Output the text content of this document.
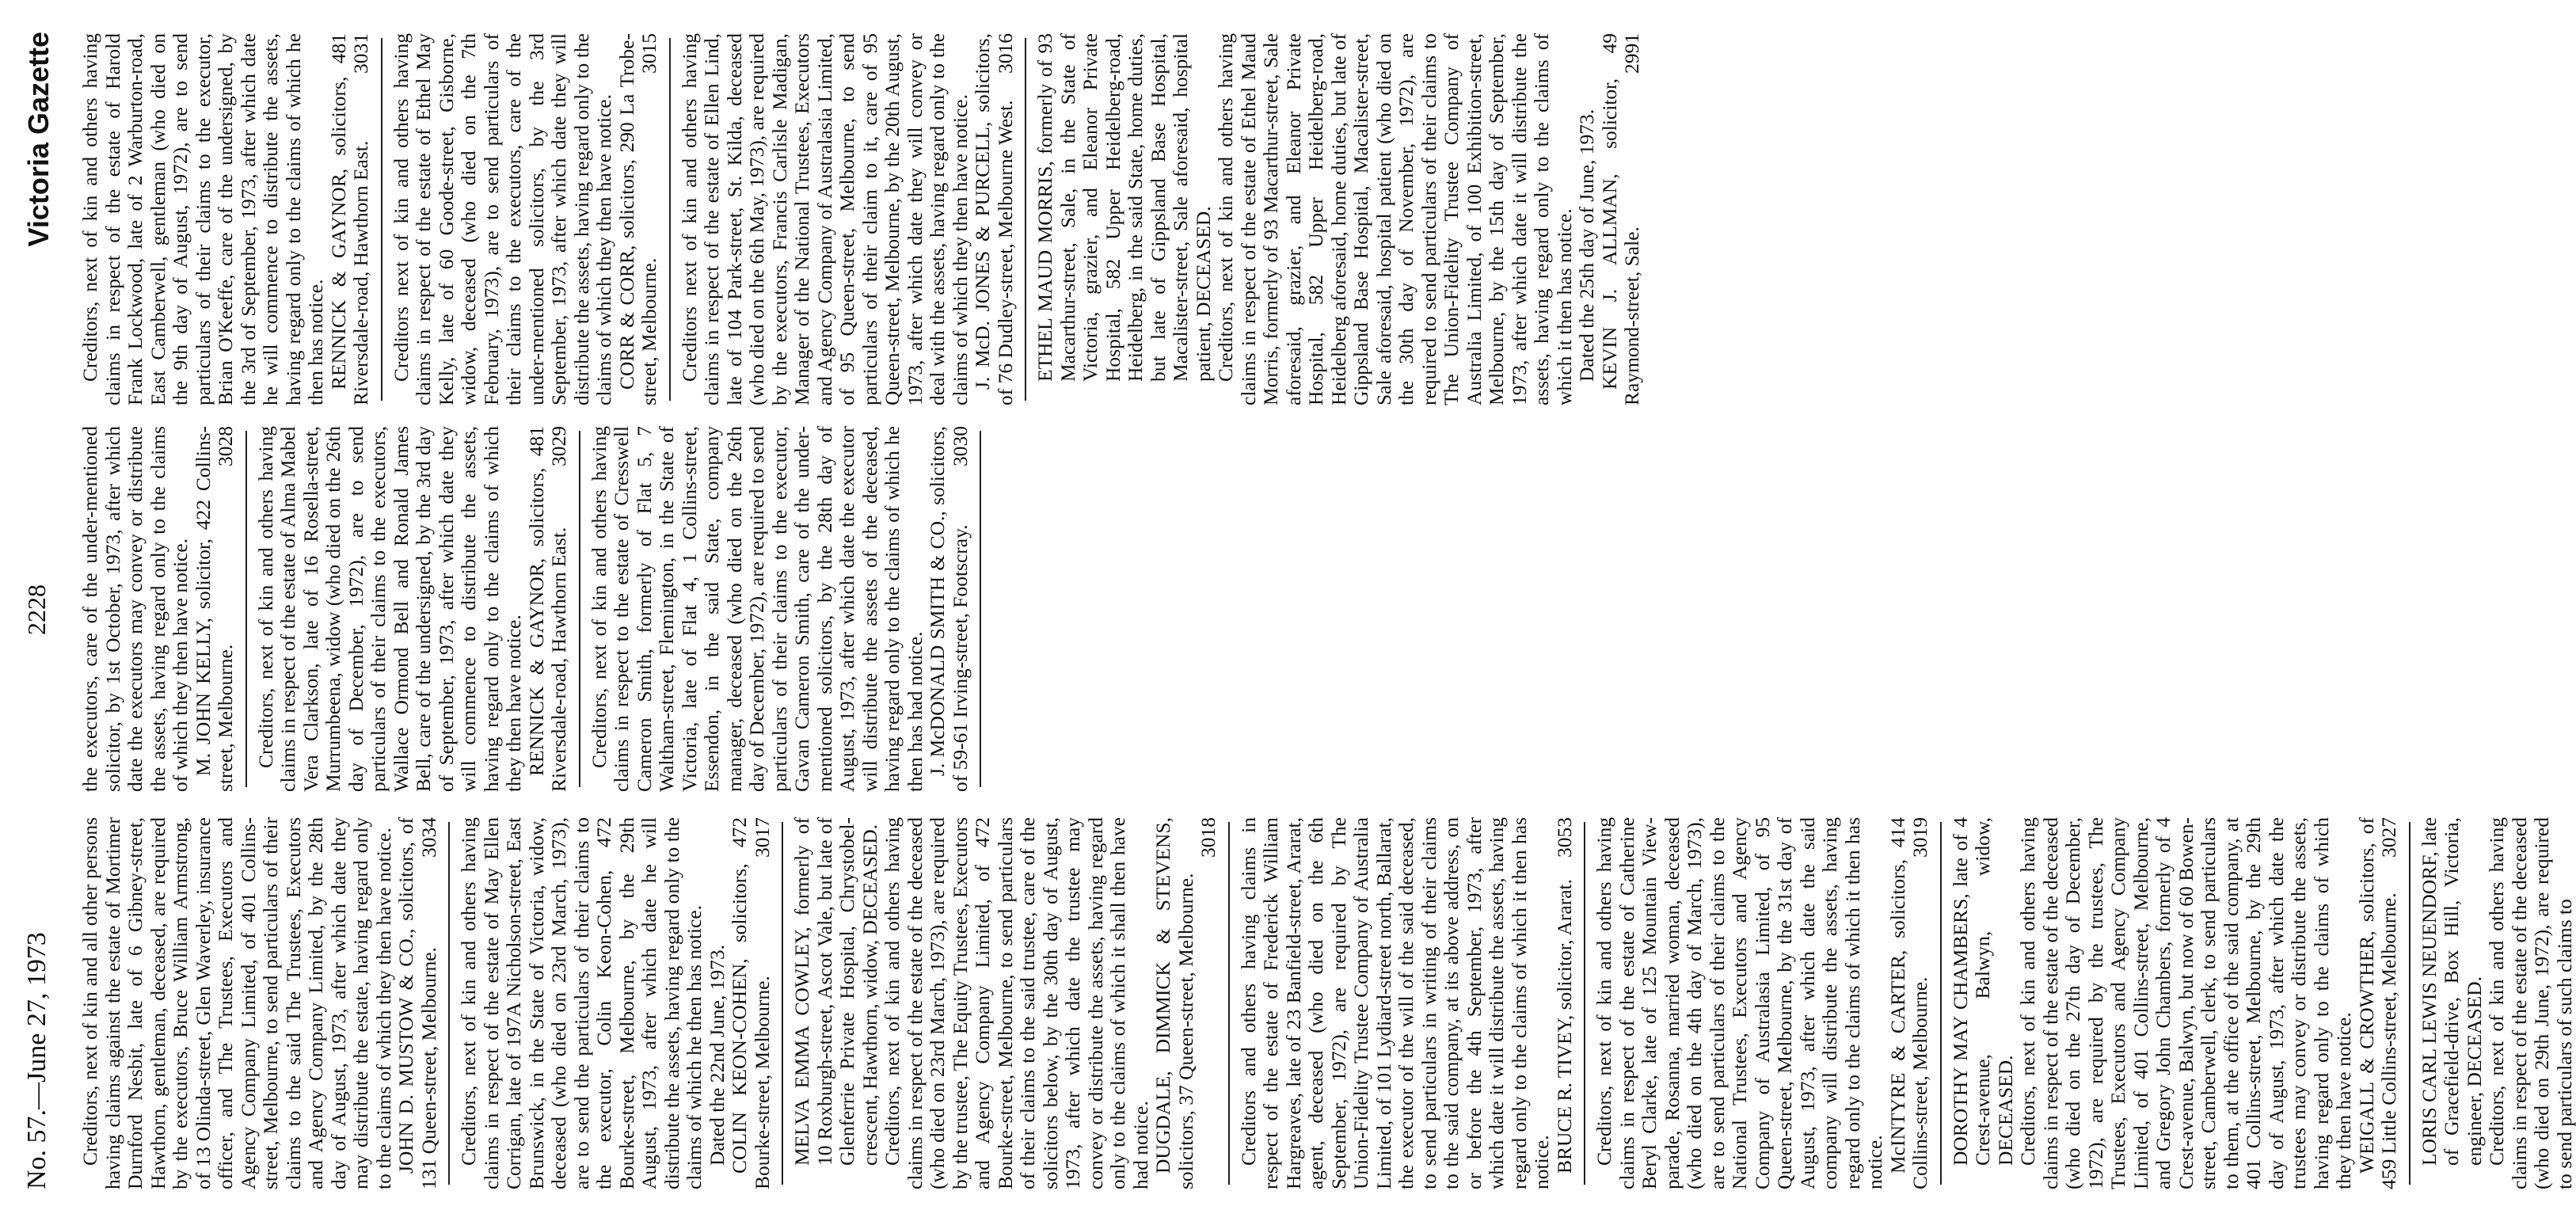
No. 57.—June 27, 1973
2228
Victoria Gazette

Creditors, next of kin and all other persons having claims against the estate of Mortimer Durnford Nesbit, late of 6 Gibney-street, Hawthorn, gentleman, deceased, are required by the executors, Bruce William Armstrong, of 13 Olinda-street, Glen Waverley, insurance officer, and The Trustees, Executors and Agency Company Limited, of 401 Collins-street, Melbourne, to send particulars of their claims to the said The Trustees, Executors and Agency Company Limited, by the 28th day of August, 1973, after which date they may distribute the estate, having regard only to the claims of which they then have notice. JOHN D. MUSTOW & CO., solicitors, of 131 Queen-street, Melbourne.
3034 Creditors, next of kin and others having claims in respect of the estate of May Ellen Corrigan, late of 197A Nicholson-street, East Brunswick, in the State of Victoria, widow, deceased (who died on 23rd March, 1973), are to send the particulars of their claims to the executor, Colin Keon-Cohen, 472 Bourke-street, Melbourne, by the 29th August, 1973, after which date he will distribute the assets, having regard only to the claims of which he then has notice. Dated the 22nd June, 1973. COLIN KEON-COHEN, solicitors, 472 Bourke-street, Melbourne.
3017 MELVA EMMA COWLEY, formerly of 10 Roxburgh-street, Ascot Vale, but late of Glenferrie Private Hospital, Chrystobel-crescent, Hawthorn, widow, DECEASED. Creditors, next of kin and others having claims in respect of the estate of the deceased (who died on 23rd March, 1973), are required by the trustee, The Equity Trustees, Executors and Agency Company Limited, of 472 Bourke-street, Melbourne, to send particulars of their claims to the said trustee, care of the solicitors below, by the 30th day of August, 1973, after which date the trustee may convey or distribute the assets, having regard only to the claims of which it shall then have had notice. DUGDALE, DIMMICK & STEVENS, solicitors, 37 Queen-street, Melbourne.
3018 Creditors and others having claims in respect of the estate of Frederick William Hargreaves, late of 23 Banfield-street, Ararat, agent, deceased (who died on the 6th September, 1972), are required by The Union-Fidelity Trustee Company of Australia Limited, of 101 Lydiard-street north, Ballarat, the executor of the will of the said deceased, to send particulars in writing of their claims to the said company, at its above address, on or before the 4th September, 1973, after which date it will distribute the assets, having regard only to the claims of which it then has notice. BRUCE R. TIVEY, solicitor, Ararat.
3053 Creditors, next of kin and others having claims in respect of the estate of Catherine Beryl Clarke, late of 125 Mountain View-parade, Rosanna, married woman, deceased (who died on the 4th day of March, 1973), are to send particulars of their claims to the National Trustees, Executors and Agency Company of Australasia Limited, of 95 Queen-street, Melbourne, by the 31st day of August, 1973, after which date the said company will distribute the assets, having regard only to the claims of which it then has notice. McINTYRE & CARTER, solicitors, 414 Collins-street, Melbourne.
3019 DOROTHY MAY CHAMBERS, late of 4 Crest-avenue, Balwyn, widow, DECEASED. Creditors, next of kin and others having claims in respect of the estate of the deceased (who died on the 27th day of December, 1972), are required by the trustees, The Trustees, Executors and Agency Company Limited, of 401 Collins-street, Melbourne, and Gregory John Chambers, formerly of 4 Crest-avenue, Balwyn, but now of 60 Bowen-street, Camberwell, clerk, to send particulars to them, at the office of the said company, at 401 Collins-street, Melbourne, by the 29th day of August, 1973, after which date the trustees may convey or distribute the assets, having regard only to the claims of which they then have notice. WEIGALL & CROWTHER, solicitors, of 459 Little Collins-street, Melbourne.
3027 LORIS CARL LEWIS NEUENDORF, late of Gracefield-drive, Box Hill, Victoria, engineer, DECEASED. Creditors, next of kin and others having claims in respect of the estate of the deceased (who died on 29th June, 1972), are required to send particulars of such claims to

the executors, care of the under-mentioned solicitor, by 1st October, 1973, after which date the executors may convey or distribute the assets, having regard only to the claims of which they then have notice. M. JOHN KELLY, solicitor, 422 Collins-street, Melbourne.
3028 Creditors, next of kin and others having claims in respect of the estate of Alma Mabel Vera Clarkson, late of 16 Rosella-street, Murrumbeena, widow (who died on the 26th day of December, 1972), are to send particulars of their claims to the executors, Wallace Ormond Bell and Ronald James Bell, care of the undersigned, by the 3rd day of September, 1973, after which date they will commence to distribute the assets, having regard only to the claims of which they then have notice. RENNICK & GAYNOR, solicitors, 481 Riversdale-road, Hawthorn East.
3029 Creditors, next of kin and others having claims in respect to the estate of Cresswell Cameron Smith, formerly of Flat 5, 7 Waltham-street, Flemington, in the State of Victoria, late of Flat 4, 1 Collins-street, Essendon, in the said State, company manager, deceased (who died on the 26th day of December, 1972), are required to send particulars of their claims to the executor, Gavan Cameron Smith, care of the under-mentioned solicitors, by the 28th day of August, 1973, after which date the executor will distribute the assets of the deceased, having regard only to the claims of which he then has had notice. J. McDONALD SMITH & CO., solicitors, of 59-61 Irving-street, Footscray.
3030

Creditors, next of kin and others having claims in respect of the estate of Harold Frank Lockwood, late of 2 Warburton-road, East Camberwell, gentleman (who died on the 9th day of August, 1972), are to send particulars of their claims to the executor, Brian O'Keeffe, care of the undersigned, by the 3rd of September, 1973, after which date he will commence to distribute the assets, having regard only to the claims of which he then has notice. RENNICK & GAYNOR, solicitors, 481 Riversdale-road, Hawthorn East.
3031 Creditors next of kin and others having claims in respect of the estate of Ethel May Kelly, late of 60 Goode-street, Gisborne, widow, deceased (who died on the 7th February, 1973), are to send particulars of their claims to the executors, care of the under-mentioned solicitors, by the 3rd September, 1973, after which date they will distribute the assets, having regard only to the claims of which they then have notice. CORR & CORR, solicitors, 290 La Trobe-street, Melbourne.
3015 Creditors next of kin and others having claims in respect of the estate of Ellen Lind, late of 104 Park-street, St. Kilda, deceased (who died on the 6th May, 1973), are required by the executors, Francis Carlisle Madigan, Manager of the National Trustees, Executors and Agency Company of Australasia Limited, of 95 Queen-street, Melbourne, to send particulars of their claim to it, care of 95 Queen-street, Melbourne, by the 20th August, 1973, after which date they will convey or deal with the assets, having regard only to the claims of which they then have notice. J. McD. JONES & PURCELL, solicitors, of 76 Dudley-street, Melbourne West.
3016 ETHEL MAUD MORRIS, formerly of 93 Macarthur-street, Sale, in the State of Victoria, grazier, and Eleanor Private Hospital, 582 Upper Heidelberg-road, Heidelberg, in the said State, home duties, but late of Gippsland Base Hospital, Macalister-street, Sale aforesaid, hospital patient, DECEASED. Creditors, next of kin and others having claims in respect of the estate of Ethel Maud Morris, formerly of 93 Macarthur-street, Sale aforesaid, grazier, and Eleanor Private Hospital, 582 Upper Heidelberg-road, Heidelberg aforesaid, home duties, but late of Gippsland Base Hospital, Macalister-street, Sale aforesaid, hospital patient (who died on the 30th day of November, 1972), are required to send particulars of their claims to The Union-Fidelity Trustee Company of Australia Limited, of 100 Exhibition-street, Melbourne, by the 15th day of September, 1973, after which date it will distribute the assets, having regard only to the claims of which it then has notice. Dated the 25th day of June, 1973. KEVIN J. ALLMAN, solicitor, 49 Raymond-street, Sale.
2991
